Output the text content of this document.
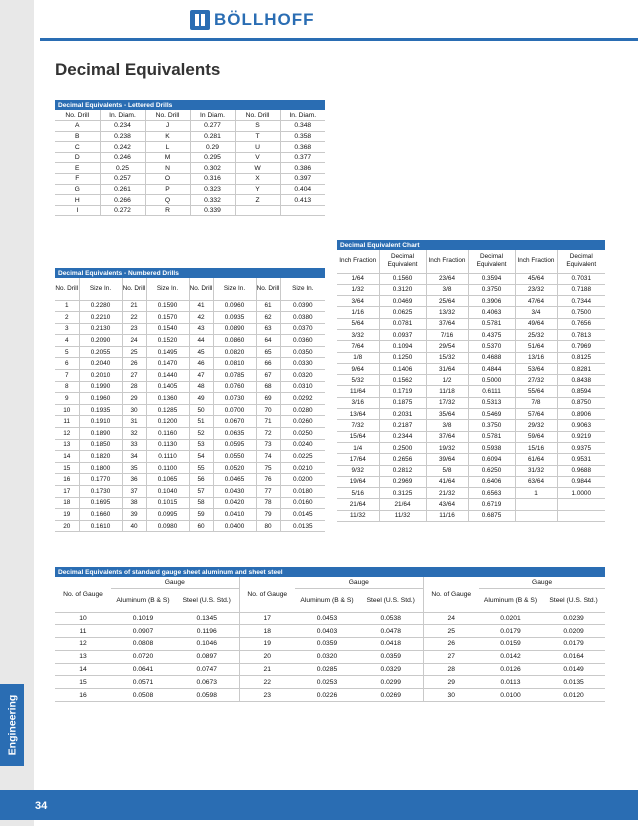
BÖLLHOFF
Decimal Equivalents
Decimal Equivalents - Lettered Drills					
No. Drill	In. Diam.	No. Drill	In Diam.	No. Drill	In. Diam.
A	0.234	J	0.277	S	0.348
B	0.238	K	0.281	T	0.358
C	0.242	L	0.29	U	0.368
D	0.246	M	0.295	V	0.377
E	0.25	N	0.302	W	0.386
F	0.257	O	0.316	X	0.397
G	0.261	P	0.323	Y	0.404
H	0.266	Q	0.332	Z	0.413
I	0.272	R	0.339		
Decimal Equivalents - Numbered Drills							
No. Drill	Size In.	No. Drill	Size In.	No. Drill	Size In.	No. Drill	Size In.
1	0.2280	21	0.1590	41	0.0960	61	0.0390
2	0.2210	22	0.1570	42	0.0935	62	0.0380
3	0.2130	23	0.1540	43	0.0890	63	0.0370
4	0.2090	24	0.1520	44	0.0860	64	0.0360
5	0.2055	25	0.1495	45	0.0820	65	0.0350
6	0.2040	26	0.1470	46	0.0810	66	0.0330
7	0.2010	27	0.1440	47	0.0785	67	0.0320
8	0.1990	28	0.1405	48	0.0760	68	0.0310
9	0.1960	29	0.1360	49	0.0730	69	0.0292
10	0.1935	30	0.1285	50	0.0700	70	0.0280
11	0.1910	31	0.1200	51	0.0670	71	0.0260
12	0.1890	32	0.1160	52	0.0635	72	0.0250
13	0.1850	33	0.1130	53	0.0595	73	0.0240
14	0.1820	34	0.1110	54	0.0550	74	0.0225
15	0.1800	35	0.1100	55	0.0520	75	0.0210
16	0.1770	36	0.1065	56	0.0465	76	0.0200
17	0.1730	37	0.1040	57	0.0430	77	0.0180
18	0.1695	38	0.1015	58	0.0420	78	0.0160
19	0.1660	39	0.0995	59	0.0410	79	0.0145
20	0.1610	40	0.0980	60	0.0400	80	0.0135
Decimal Equivalent Chart					
Inch Fraction	Decimal Equivalent	Inch Fraction	Decimal Equivalent	Inch Fraction	Decimal Equivalent
1/64	0.1560	23/64	0.3594	45/64	0.7031
1/32	0.3120	3/8	0.3750	23/32	0.7188
3/64	0.0469	25/64	0.3906	47/64	0.7344
1/16	0.0625	13/32	0.4063	3/4	0.7500
5/64	0.0781	37/64	0.5781	49/64	0.7656
3/32	0.0937	7/16	0.4375	25/32	0.7813
7/64	0.1094	29/54	0.5370	51/64	0.7969
1/8	0.1250	15/32	0.4688	13/16	0.8125
9/64	0.1406	31/64	0.4844	53/64	0.8281
5/32	0.1562	1/2	0.5000	27/32	0.8438
11/64	0.1719	11/18	0.6111	55/64	0.8594
3/16	0.1875	17/32	0.5313	7/8	0.8750
13/64	0.2031	35/64	0.5469	57/64	0.8906
7/32	0.2187	3/8	0.3750	29/32	0.9063
15/64	0.2344	37/64	0.5781	59/64	0.9219
1/4	0.2500	19/32	0.5938	15/16	0.9375
17/64	0.2656	39/64	0.6094	61/64	0.9531
9/32	0.2812	5/8	0.6250	31/32	0.9688
19/64	0.2969	41/64	0.6406	63/64	0.9844
5/16	0.3125	21/32	0.6563	1	1.0000
21/64	21/64	43/64	0.6719		
11/32	11/32	11/16	0.6875		
Decimal Equivalents of standard gauge sheet aluminum and sheet steel								
No. of Gauge	Gauge		No. of Gauge	Gauge		No. of Gauge	Gauge	
	Aluminum (B & S)	Steel (U.S. Std.)		Aluminum (B & S)	Steel (U.S. Std.)		Aluminum (B & S)	Steel (U.S. Std.)
10	0.1019	0.1345	17	0.0453	0.0538	24	0.0201	0.0239
11	0.0907	0.1196	18	0.0403	0.0478	25	0.0179	0.0209
12	0.0808	0.1046	19	0.0359	0.0418	26	0.0159	0.0179
13	0.0720	0.0897	20	0.0320	0.0359	27	0.0142	0.0164
14	0.0641	0.0747	21	0.0285	0.0329	28	0.0126	0.0149
15	0.0571	0.0673	22	0.0253	0.0299	29	0.0113	0.0135
16	0.0508	0.0598	23	0.0226	0.0269	30	0.0100	0.0120
Engineering
34
